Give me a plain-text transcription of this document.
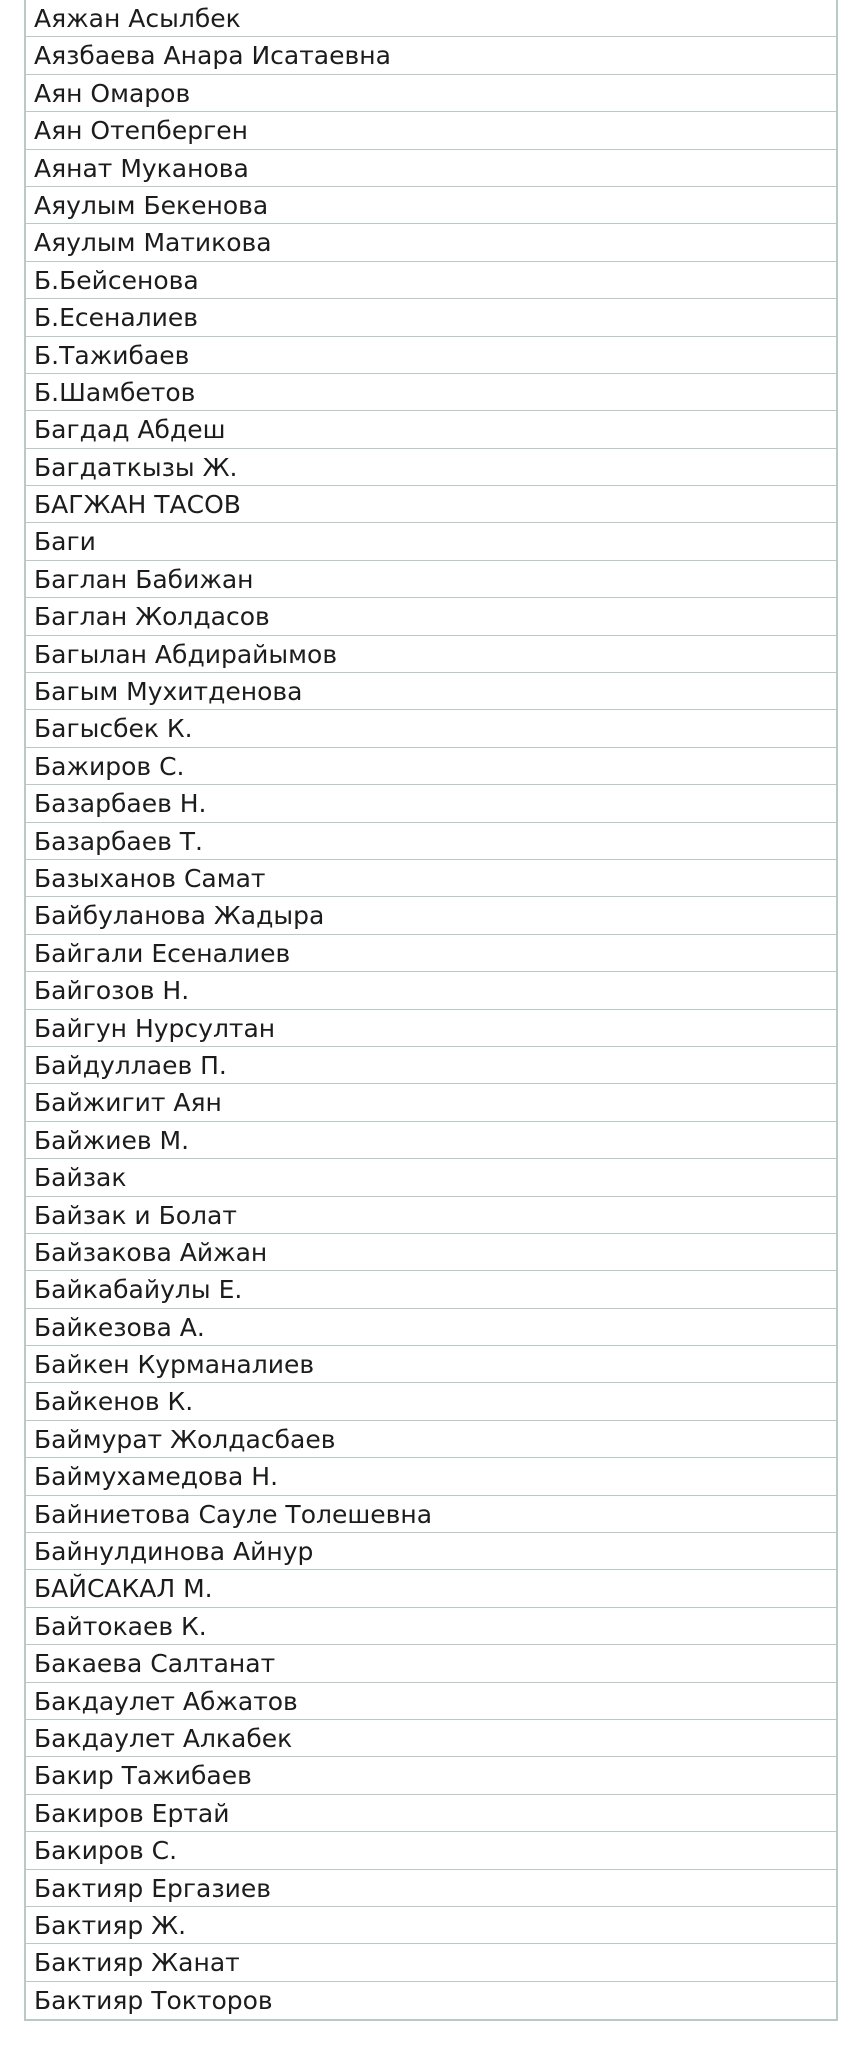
Аяжан Асылбек
Аязбаева Анара Исатаевна
Аян Омаров
Аян Отепберген
Аянат Муканова
Аяулым Бекенова
Аяулым Матикова
Б.Бейсенова
Б.Есеналиев
Б.Тажибаев
Б.Шамбетов
Багдад Абдеш
Багдаткызы Ж.
БАГЖАН ТАСОВ
Баги
Баглан Бабижан
Баглан Жолдасов
Багылан Абдирайымов
Багым Мухитденова
Багысбек К.
Бажиров С.
Базарбаев Н.
Базарбаев Т.
Базыханов Самат
Байбуланова Жадыра
Байгали Есеналиев
Байгозов Н.
Байгун Нурсултан
Байдуллаев П.
Байжигит Аян
Байжиев М.
Байзак
Байзак и Болат
Байзакова Айжан
Байкабайулы Е.
Байкезова А.
Байкен Курманалиев
Байкенов К.
Баймурат Жолдасбаев
Баймухамедова Н.
Байниетова Сауле Толешевна
Байнулдинова Айнур
БАЙСАКАЛ М.
Байтокаев К.
Бакаева Салтанат
Бакдаулет Абжатов
Бакдаулет Алкабек
Бакир Тажибаев
Бакиров Ертай
Бакиров С.
Бактияр Ергазиев
Бактияр Ж.
Бактияр Жанат
Бактияр Токторов
